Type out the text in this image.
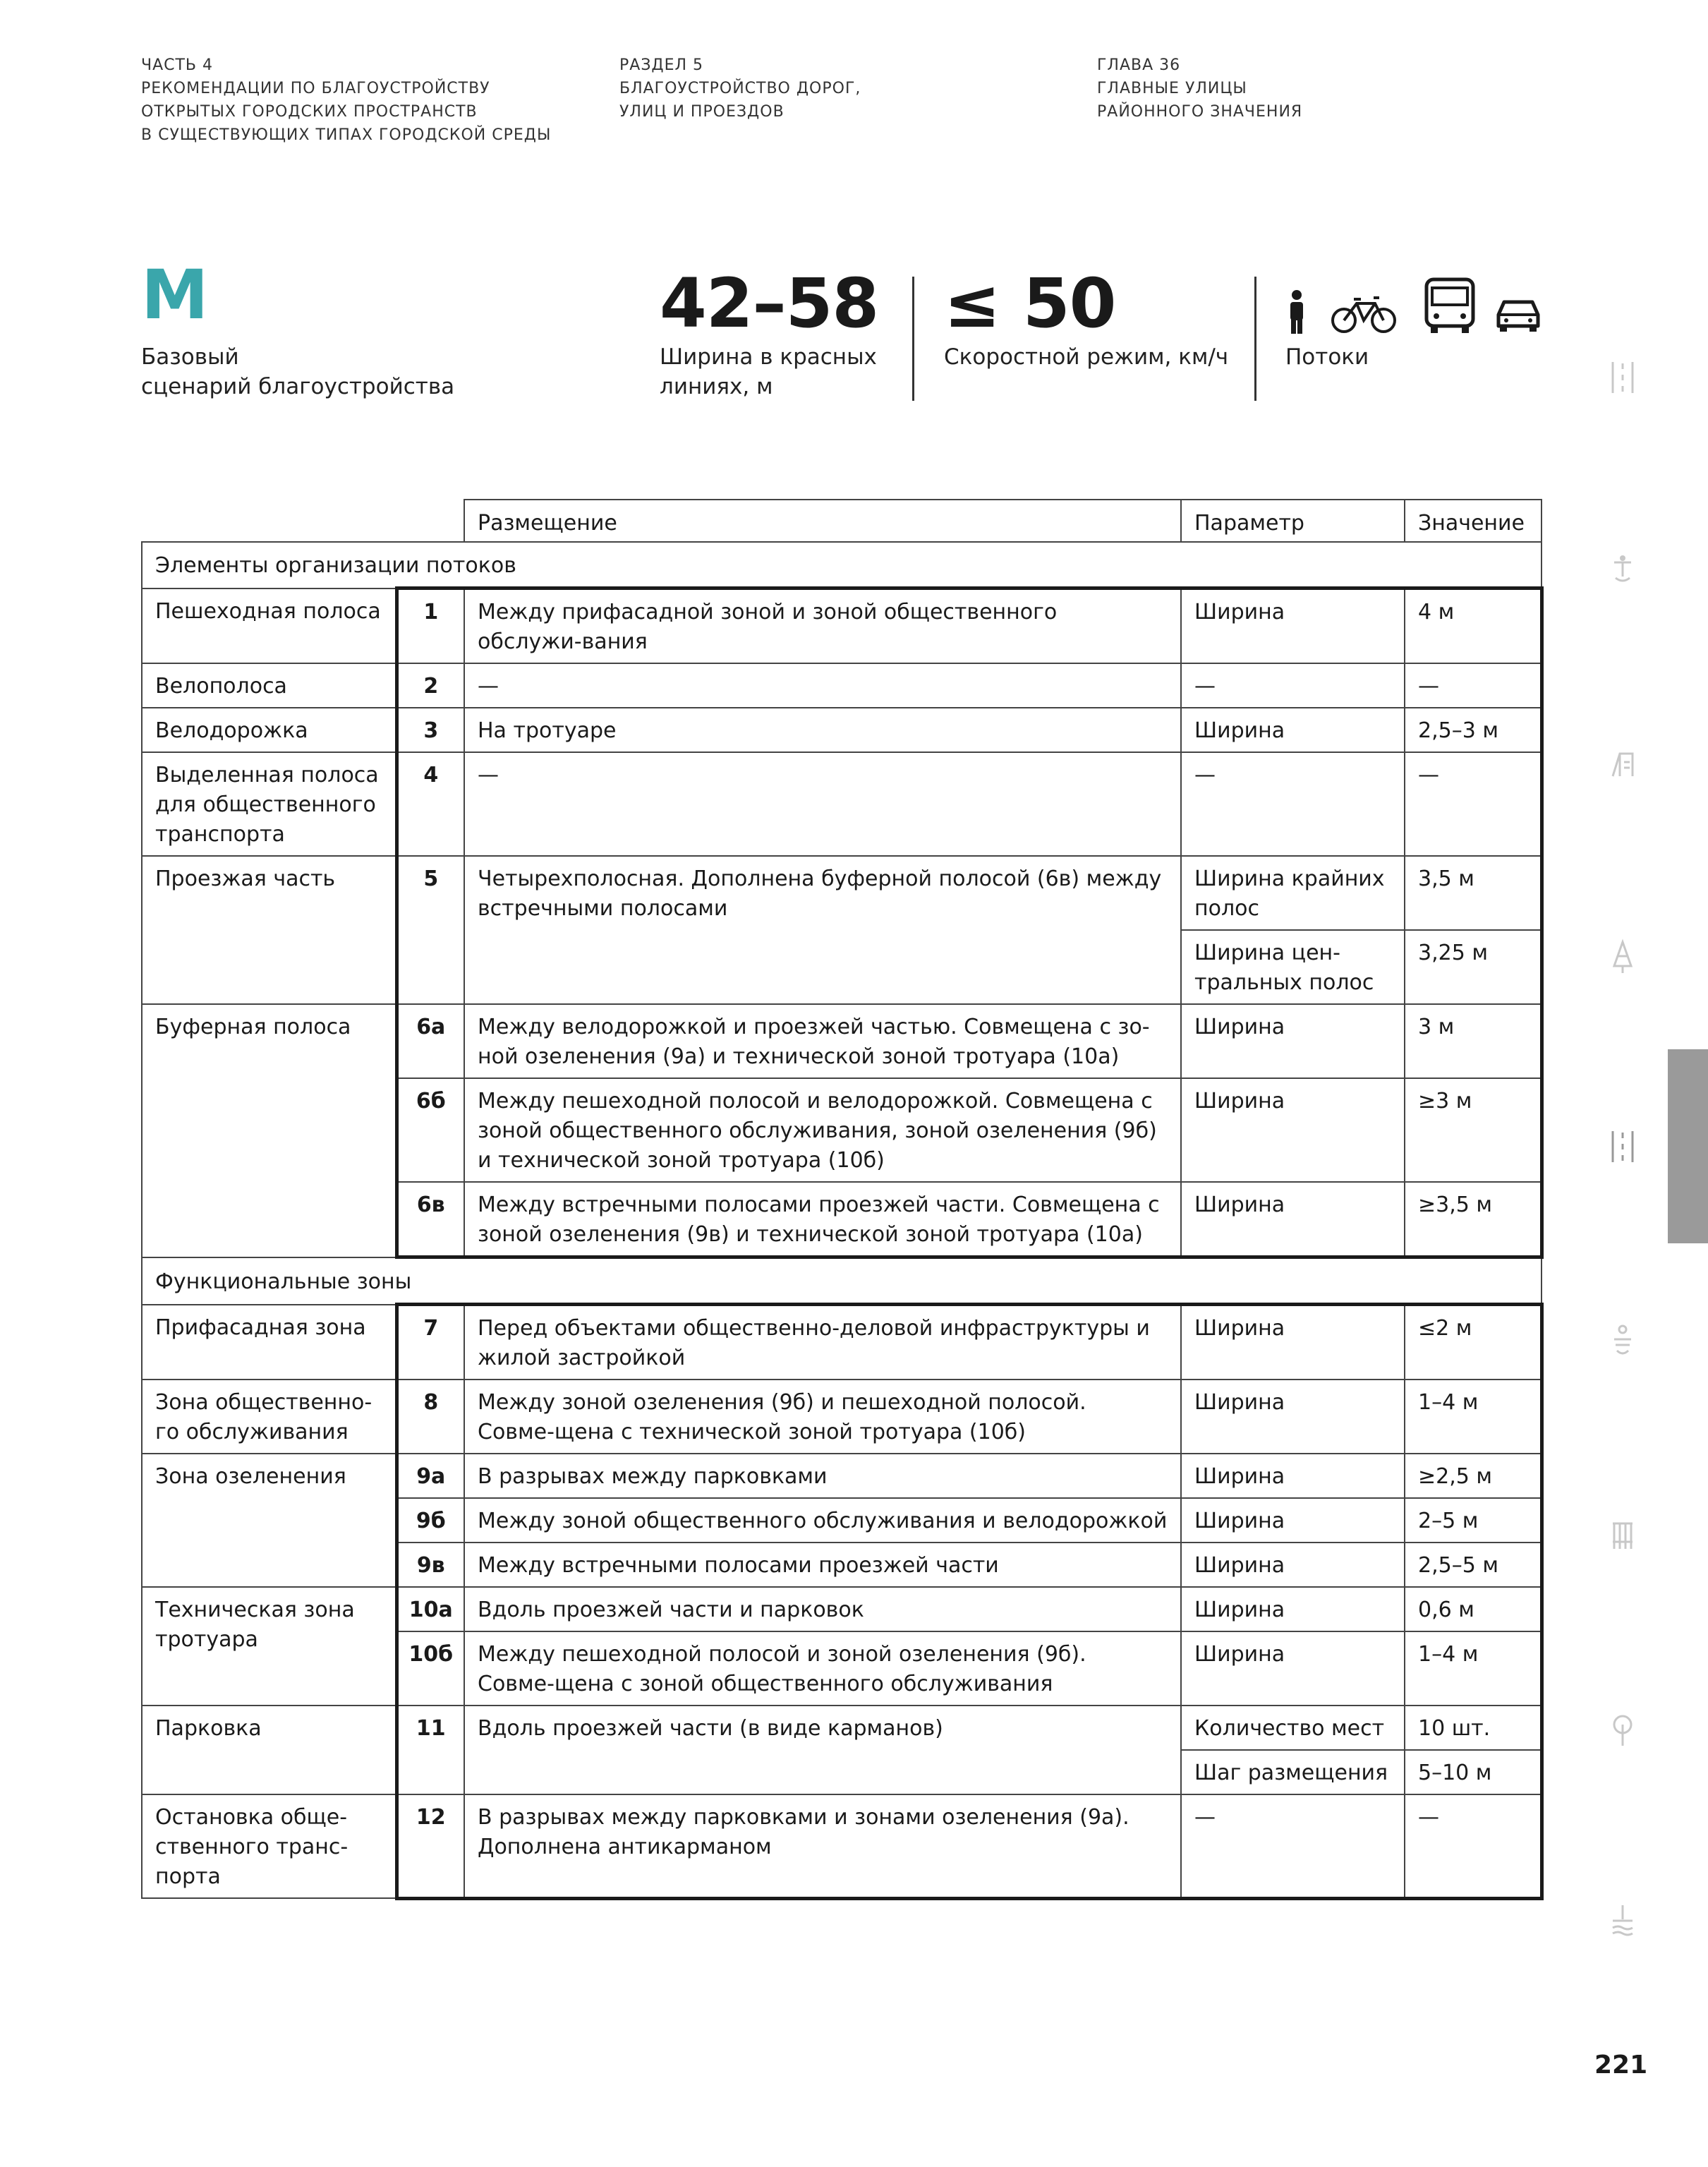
ЧАСТЬ 4
РЕКОМЕНДАЦИИ ПО БЛАГОУСТРОЙСТВУ
ОТКРЫТЫХ ГОРОДСКИХ ПРОСТРАНСТВ
В СУЩЕСТВУЮЩИХ ТИПАХ ГОРОДСКОЙ СРЕДЫ
РАЗДЕЛ 5
БЛАГОУСТРОЙСТВО ДОРОГ,
УЛИЦ И ПРОЕЗДОВ
ГЛАВА 36
ГЛАВНЫЕ УЛИЦЫ
РАЙОННОГО ЗНАЧЕНИЯ
М
Базовый
сценарий благоустройства
42–58
Ширина в красных
линиях, м
≤ 50
Скоростной режим, км/ч	Потоки
		Размещение	Параметр	Значение
Элементы организации потоков				
Пешеходная полоса	1	Между прифасадной зоной и зоной общественного обслужи-вания	Ширина	4 м
Велополоса	2	—	—	—
Велодорожка	3	На тротуаре	Ширина	2,5–3 м
Выделенная полоса для общественного транспорта	4	—	—	—
Проезжая часть	5	Четырехполосная. Дополнена буферной полосой (6в) между встречными полосами	Ширина крайних полос	3,5 м
			Ширина цен-тральных полос	3,25 м
Буферная полоса	6а	Между велодорожкой и проезжей частью. Совмещена с зо-ной озеленения (9а) и технической зоной тротуара (10а)	Ширина	3 м
	6б	Между пешеходной полосой и велодорожкой. Совмещена с зоной общественного обслуживания, зоной озеленения (9б) и технической зоной тротуара (10б)	Ширина	≥3 м
	6в	Между встречными полосами проезжей части. Совмещена с зоной озеленения (9в) и технической зоной тротуара (10а)	Ширина	≥3,5 м
Функциональные зоны				
Прифасадная зона	7	Перед объектами общественно-деловой инфраструктуры и жилой застройкой	Ширина	≤2 м
Зона общественно-го обслуживания	8	Между зоной озеленения (9б) и пешеходной полосой. Совме-щена с технической зоной тротуара (10б)	Ширина	1–4 м
Зона озеленения	9а	В разрывах между парковками	Ширина	≥2,5 м
	9б	Между зоной общественного обслуживания и велодорожкой	Ширина	2–5 м
	9в	Между встречными полосами проезжей части	Ширина	2,5–5 м
Техническая зона тротуара	10а	Вдоль проезжей части и парковок	Ширина	0,6 м
	10б	Между пешеходной полосой и зоной озеленения (9б). Совме-щена с зоной общественного обслуживания	Ширина	1–4 м
Парковка	11	Вдоль проезжей части (в виде карманов)	Количество мест	10 шт.
			Шаг размещения	5–10 м
Остановка обще-ственного транс-порта	12	В разрывах между парковками и зонами озеленения (9а). Дополнена антикарманом	—	—
221
